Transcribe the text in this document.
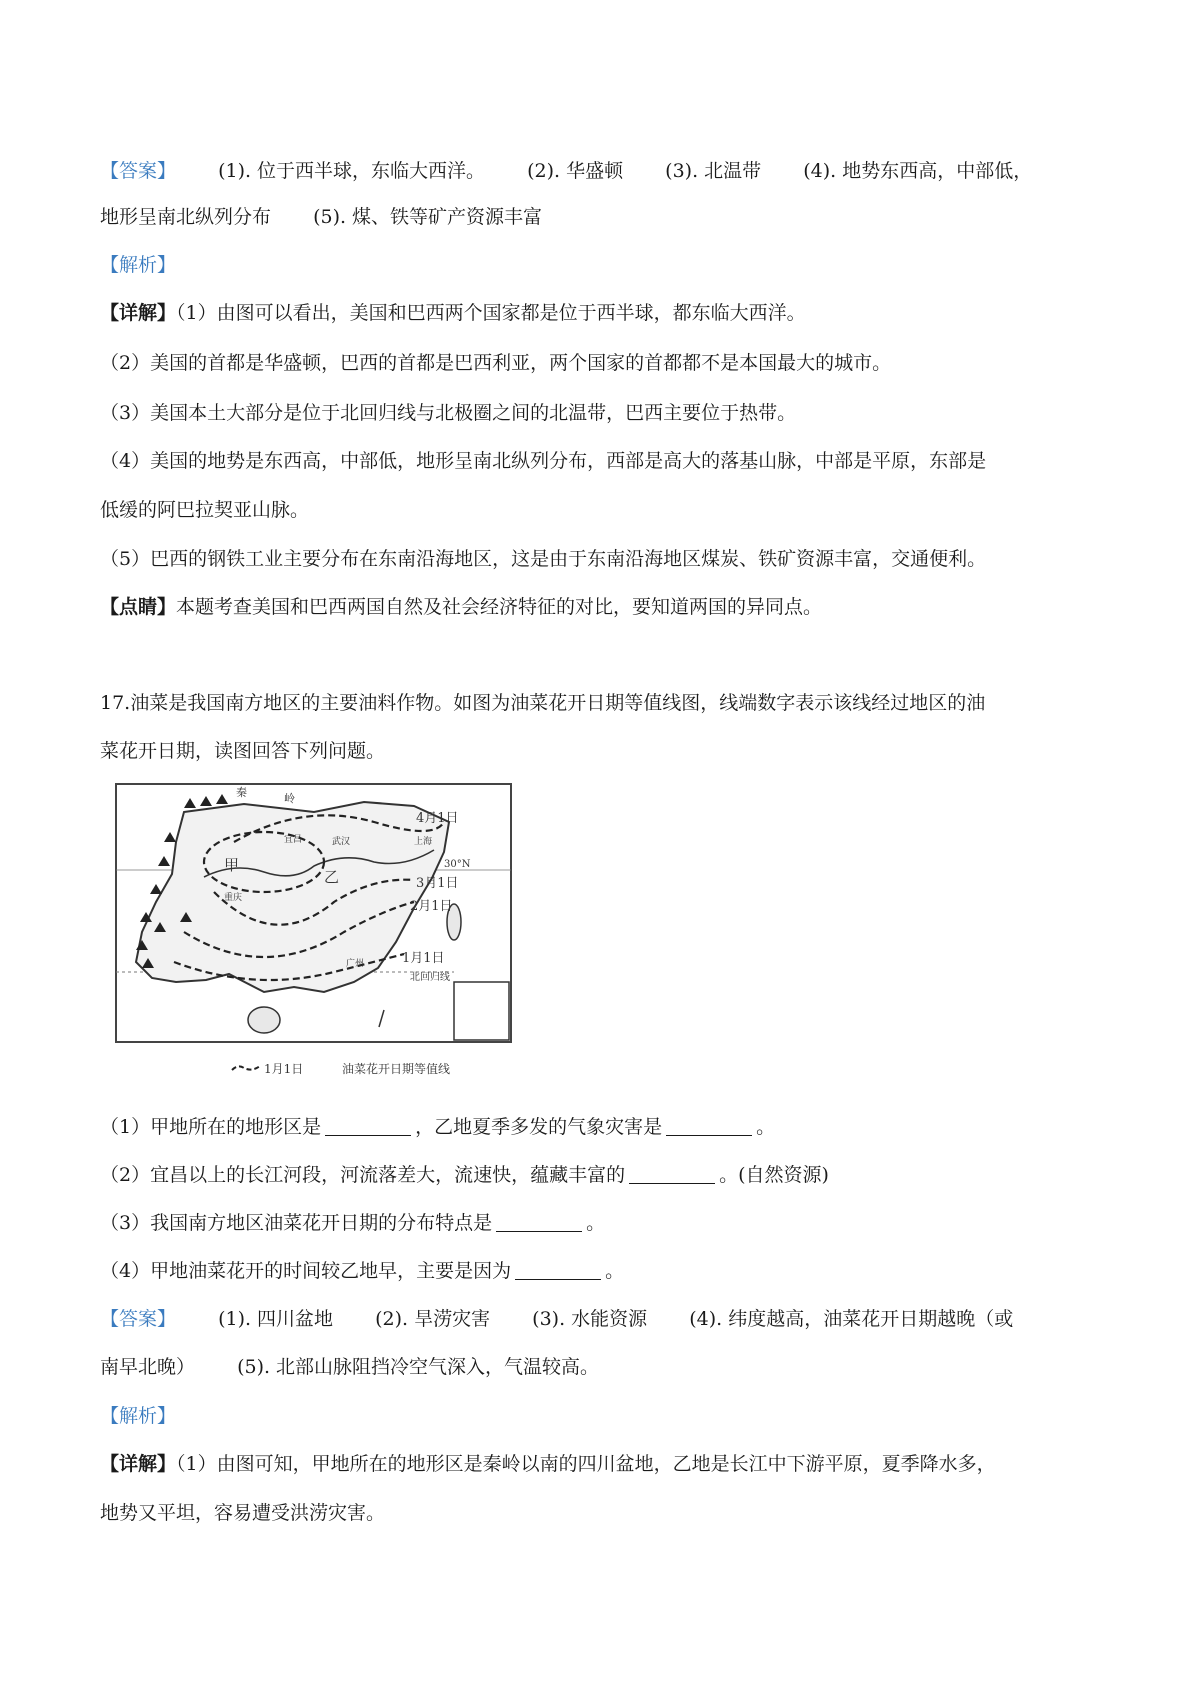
【答案】 (1). 位于西半球，东临大西洋。 (2). 华盛顿 (3). 北温带 (4). 地势东西高，中部低，
地形呈南北纵列分布 (5). 煤、铁等矿产资源丰富
【解析】
【详解】（1）由图可以看出，美国和巴西两个国家都是位于西半球，都东临大西洋。
（2）美国的首都是华盛顿，巴西的首都是巴西利亚，两个国家的首都都不是本国最大的城市。
（3）美国本土大部分是位于北回归线与北极圈之间的北温带，巴西主要位于热带。
（4）美国的地势是东西高，中部低，地形呈南北纵列分布，西部是高大的落基山脉，中部是平原，东部是
低缓的阿巴拉契亚山脉。
（5）巴西的钢铁工业主要分布在东南沿海地区，这是由于东南沿海地区煤炭、铁矿资源丰富，交通便利。
【点睛】本题考查美国和巴西两国自然及社会经济特征的对比，要知道两国的异同点。
17.油菜是我国南方地区的主要油料作物。如图为油菜花开日期等值线图，线端数字表示该线经过地区的油
菜花开日期，读图回答下列问题。
秦	岭
甲
乙
宜昌	武汉	上海
重庆
广州
30°N
4月1日
3月1日
2月1日
1月1日
北回归线
1月1日	油菜花开日期等值线
（1）甲地所在的地形区是	，乙地夏季多发的气象灾害是	。
（2）宜昌以上的长江河段，河流落差大，流速快，蕴藏丰富的	。(自然资源)
（3）我国南方地区油菜花开日期的分布特点是	。
（4）甲地油菜花开的时间较乙地早，主要是因为	。
【答案】 (1). 四川盆地 (2). 旱涝灾害 (3). 水能资源 (4). 纬度越高，油菜花开日期越晚（或
南早北晚） (5). 北部山脉阻挡冷空气深入，气温较高。
【解析】
【详解】（1）由图可知，甲地所在的地形区是秦岭以南的四川盆地，乙地是长江中下游平原，夏季降水多，
地势又平坦，容易遭受洪涝灾害。
